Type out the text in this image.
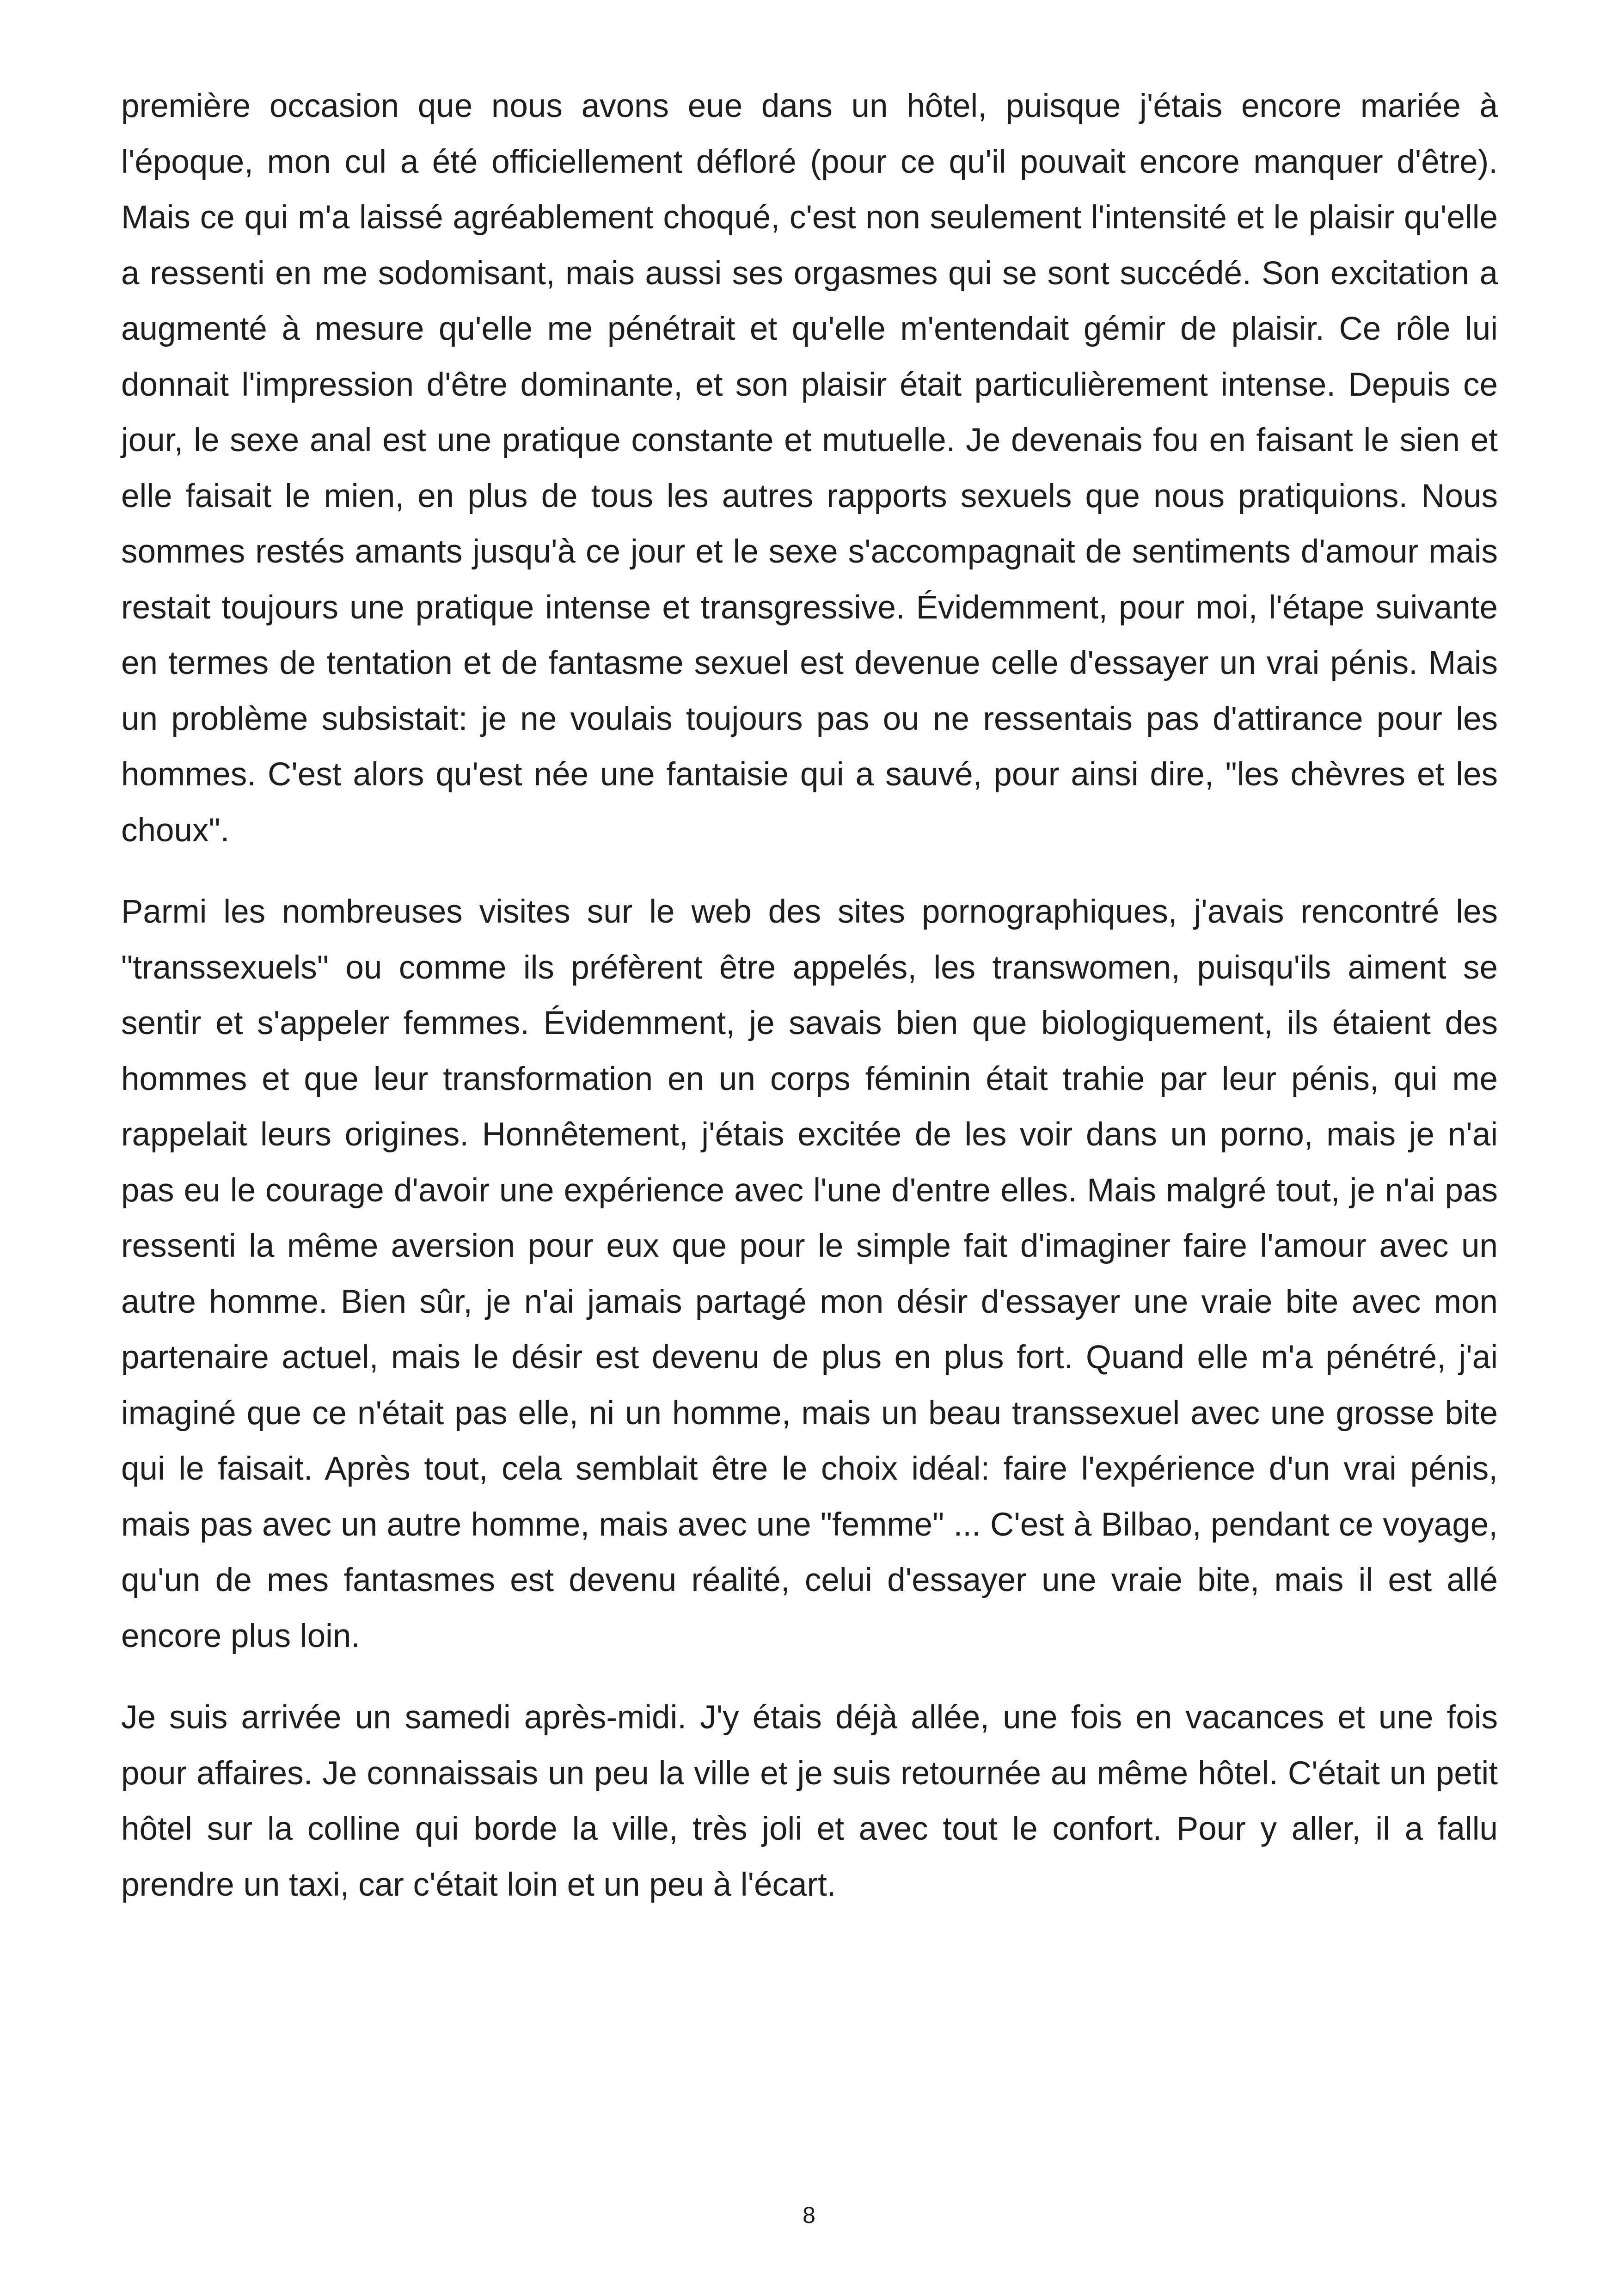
première occasion que nous avons eue dans un hôtel, puisque j'étais encore mariée à l'époque, mon cul a été officiellement défloré (pour ce qu'il pouvait encore manquer d'être). Mais ce qui m'a laissé agréablement choqué, c'est non seulement l'intensité et le plaisir qu'elle a ressenti en me sodomisant, mais aussi ses orgasmes qui se sont succédé. Son excitation a augmenté à mesure qu'elle me pénétrait et qu'elle m'entendait gémir de plaisir. Ce rôle lui donnait l'impression d'être dominante, et son plaisir était particulièrement intense. Depuis ce jour, le sexe anal est une pratique constante et mutuelle. Je devenais fou en faisant le sien et elle faisait le mien, en plus de tous les autres rapports sexuels que nous pratiquions. Nous sommes restés amants jusqu'à ce jour et le sexe s'accompagnait de sentiments d'amour mais restait toujours une pratique intense et transgressive. Évidemment, pour moi, l'étape suivante en termes de tentation et de fantasme sexuel est devenue celle d'essayer un vrai pénis. Mais un problème subsistait: je ne voulais toujours pas ou ne ressentais pas d'attirance pour les hommes. C'est alors qu'est née une fantaisie qui a sauvé, pour ainsi dire, "les chèvres et les choux".

Parmi les nombreuses visites sur le web des sites pornographiques, j'avais rencontré les "transsexuels" ou comme ils préfèrent être appelés, les transwomen, puisqu'ils aiment se sentir et s'appeler femmes. Évidemment, je savais bien que biologiquement, ils étaient des hommes et que leur transformation en un corps féminin était trahie par leur pénis, qui me rappelait leurs origines. Honnêtement, j'étais excitée de les voir dans un porno, mais je n'ai pas eu le courage d'avoir une expérience avec l'une d'entre elles. Mais malgré tout, je n'ai pas ressenti la même aversion pour eux que pour le simple fait d'imaginer faire l'amour avec un autre homme. Bien sûr, je n'ai jamais partagé mon désir d'essayer une vraie bite avec mon partenaire actuel, mais le désir est devenu de plus en plus fort. Quand elle m'a pénétré, j'ai imaginé que ce n'était pas elle, ni un homme, mais un beau transsexuel avec une grosse bite qui le faisait. Après tout, cela semblait être le choix idéal: faire l'expérience d'un vrai pénis, mais pas avec un autre homme, mais avec une "femme" ... C'est à Bilbao, pendant ce voyage, qu'un de mes fantasmes est devenu réalité, celui d'essayer une vraie bite, mais il est allé encore plus loin.

Je suis arrivée un samedi après-midi. J'y étais déjà allée, une fois en vacances et une fois pour affaires. Je connaissais un peu la ville et je suis retournée au même hôtel. C'était un petit hôtel sur la colline qui borde la ville, très joli et avec tout le confort. Pour y aller, il a fallu prendre un taxi, car c'était loin et un peu à l'écart.

8
